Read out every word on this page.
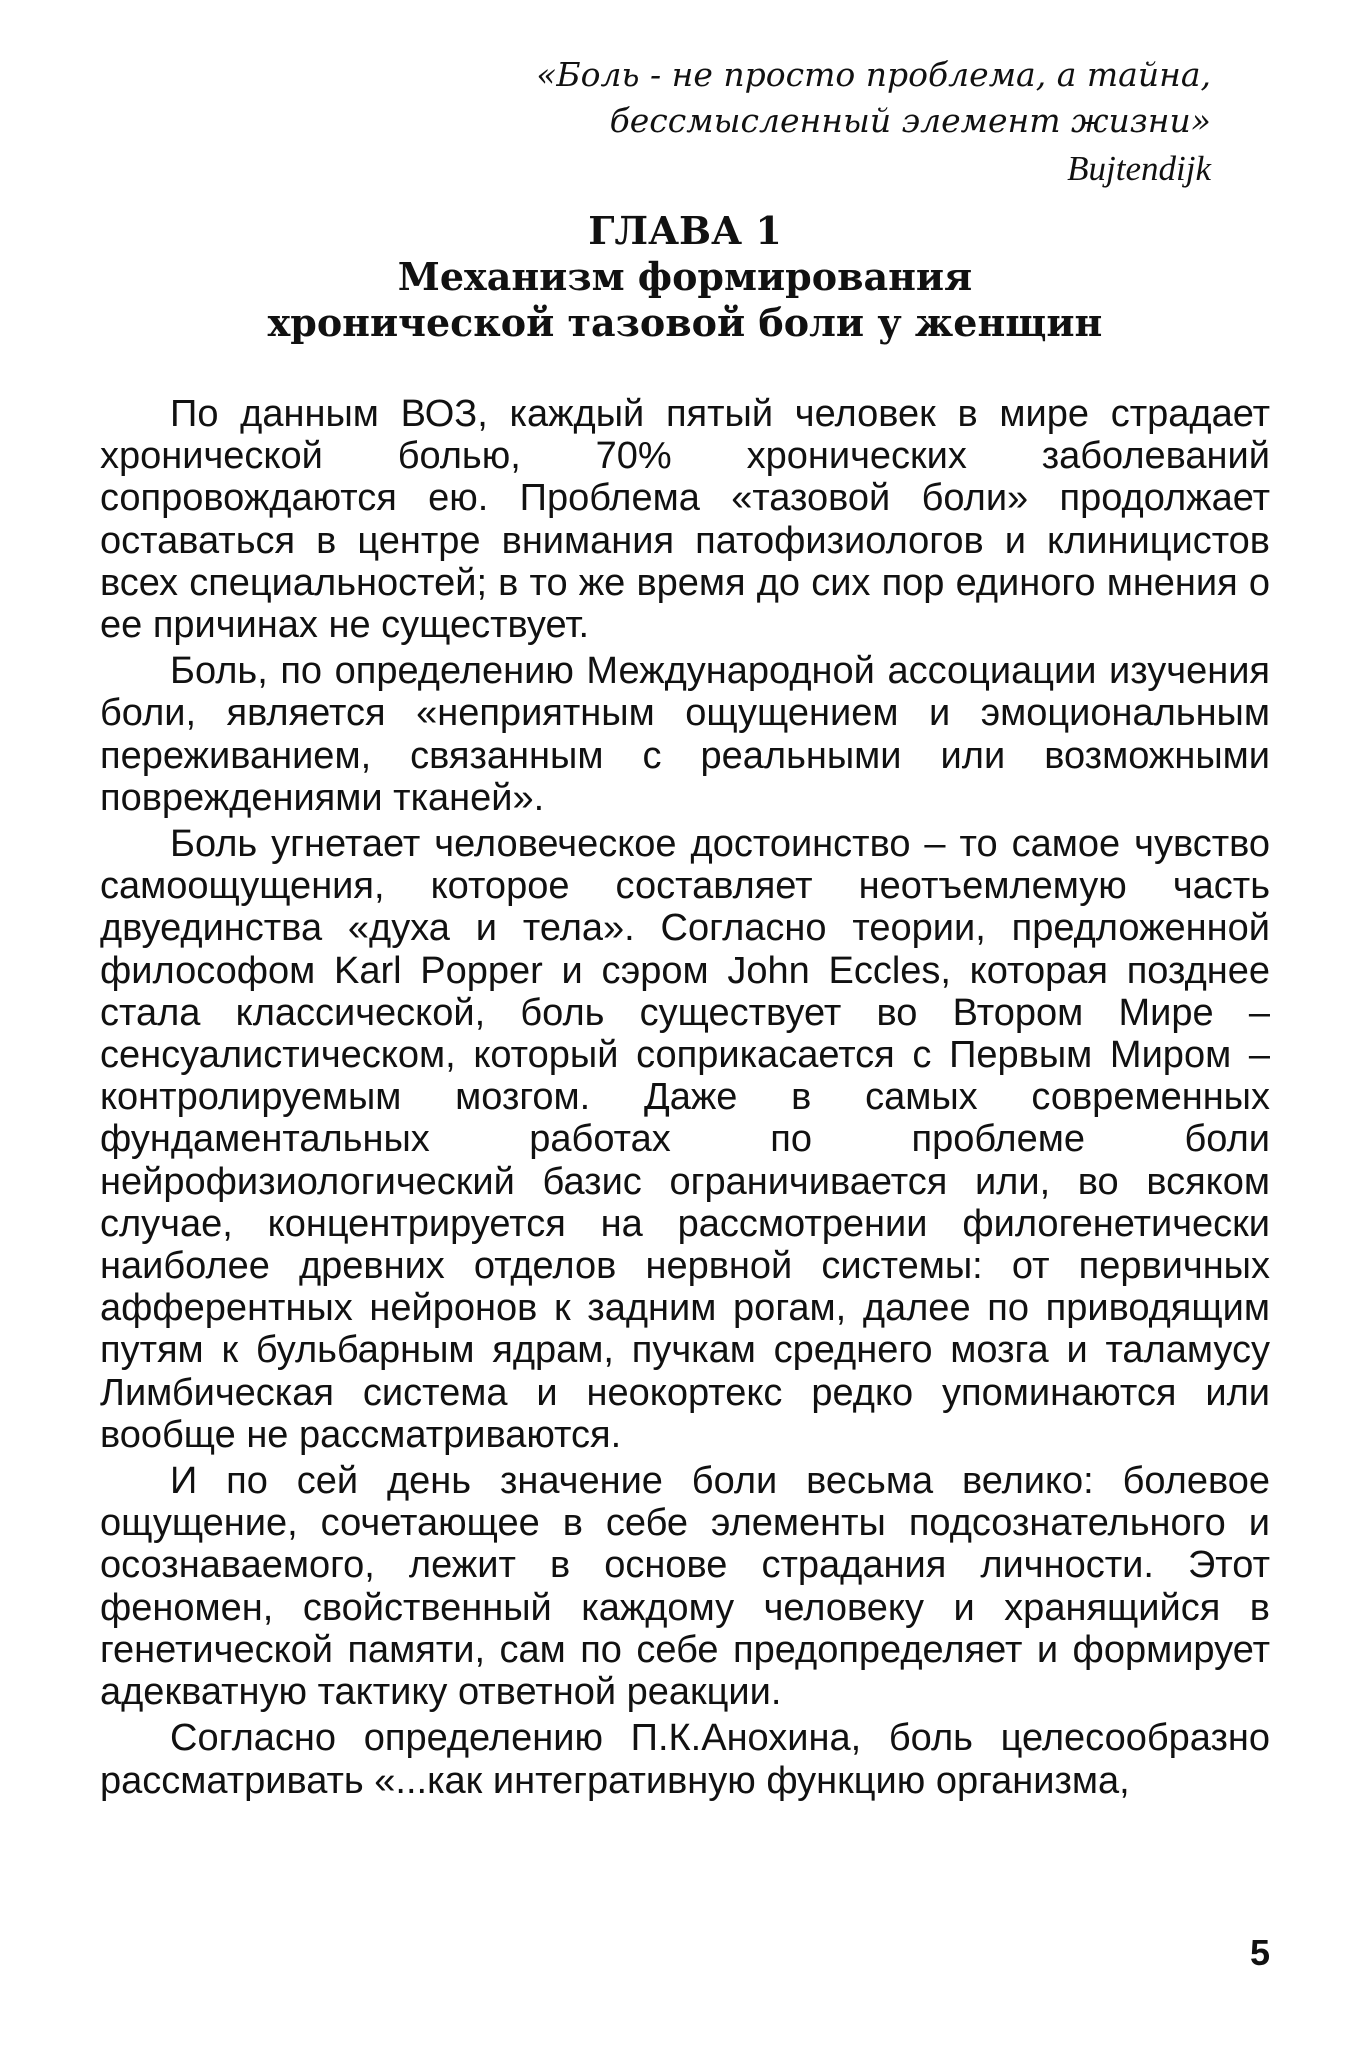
«Боль - не просто проблема, а тайна,
бессмысленный элемент жизни»
Bujtendijk
ГЛАВА 1
Механизм формирования
хронической тазовой боли у женщин

По данным ВОЗ, каждый пятый человек в мире страдает хронической болью, 70% хронических заболеваний сопровождаются ею. Проблема «тазовой боли» продолжает оставаться в центре внимания патофизиологов и клиницистов всех специальностей; в то же время до сих пор единого мнения о ее причинах не существует.

Боль, по определению Международной ассоциации изучения боли, является «неприятным ощущением и эмоциональным переживанием, связанным с реальными или возможными повреждениями тканей».

Боль угнетает человеческое достоинство – то самое чувство самоощущения, которое составляет неотъемлемую часть двуединства «духа и тела». Согласно теории, предложенной философом Karl Popper и сэром John Eccles, которая позднее стала классической, боль существует во Втором Мире – сенсуалистическом, который соприкасается с Первым Миром – контролируемым мозгом. Даже в самых современных фундаментальных работах по проблеме боли нейрофизиологический базис ограничивается или, во всяком случае, концентрируется на рассмотрении филогенетически наиболее древних отделов нервной системы: от первичных афферентных нейронов к задним рогам, далее по приводящим путям к бульбарным ядрам, пучкам среднего мозга и таламусу Лимбическая система и неокортекс редко упоминаются или вообще не рассматриваются.

И по сей день значение боли весьма велико: болевое ощущение, сочетающее в себе элементы подсознательного и осознаваемого, лежит в основе страдания личности. Этот феномен, свойственный каждому человеку и хранящийся в генетической памяти, сам по себе предопределяет и формирует адекватную тактику ответной реакции.

Согласно определению П.К.Анохина, боль целесообразно рассматривать «...как интегративную функцию организма,

5
